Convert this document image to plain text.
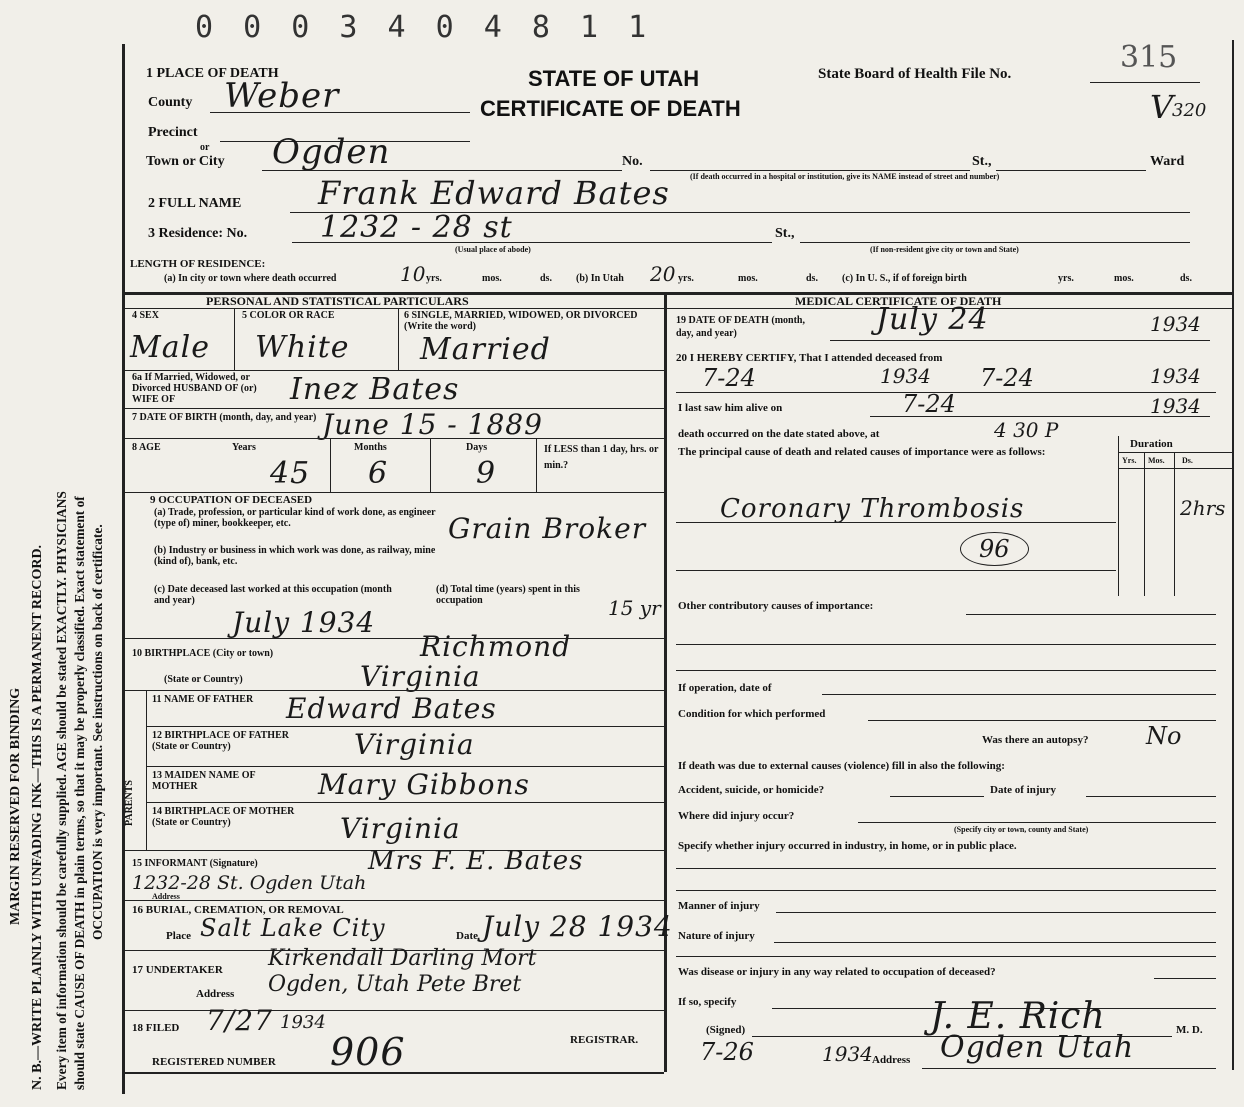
MARGIN RESERVED FOR BINDING N. B.—WRITE PLAINLY WITH UNFADING INK—THIS IS A PERMANENT RECORD. Every item of information should be carefully supplied. AGE should be stated EXACTLY. PHYSICIANS should state CAUSE OF DEATH in plain terms, so that it may be properly classified. Exact statement of OCCUPATION is very important. See instructions on back of certificate.
0 0 0 3 4 0 4 8 1 1
315
V
320
1 PLACE OF DEATH	STATE OF UTAH
CERTIFICATE OF DEATH
State Board of Health File No.
County Weber
Precinct
or
Town or City Ogden	No.	St.,	Ward
(If death occurred in a hospital or institution, give its NAME instead of street and number)
2 FULL NAME Frank Edward Bates
3 Residence: No. 1232 - 28 st	St.,
(Usual place of abode)	(If non-resident give city or town and State)
LENGTH OF RESIDENCE:
(a) In city or town where death occurred	10 yrs.	mos.	ds. (b) In Utah 20 yrs.	mos.	ds. (c) In U. S., if of foreign birth	yrs.	mos.	ds.
PERSONAL AND STATISTICAL PARTICULARS	MEDICAL CERTIFICATE OF DEATH
4 SEX
Male
5 COLOR OR RACE
White
6 SINGLE, MARRIED, WIDOWED, OR DIVORCED (Write the word)
Married
6a If Married, Widowed, or Divorced HUSBAND OF (or) WIFE OF	Inez Bates
7 DATE OF BIRTH (month, day, and year) June 15 - 1889
8 AGE	Years	Months	Days	If LESS than 1 day, hrs. or min.?
45 6	9
9 OCCUPATION OF DECEASED
(a) Trade, profession, or particular kind of work done, as engineer (type of) miner, bookkeeper, etc.	Grain Broker
(b) Industry or business in which work was done, as railway, mine (kind of), bank, etc.
(c) Date deceased last worked at this occupation (month and year)
July 1934
(d) Total time (years) spent in this occupation	15 yr
10 BIRTHPLACE (City or town)	Richmond
(State or Country)	Virginia
PARENTS
11 NAME OF FATHER	Edward Bates
12 BIRTHPLACE OF FATHER (State or Country)	Virginia
13 MAIDEN NAME OF MOTHER	Mary Gibbons
14 BIRTHPLACE OF MOTHER (State or Country)	Virginia
15 INFORMANT (Signature)	Mrs F. E. Bates
1232-28 St. Ogden Utah
Address
16 BURIAL, CREMATION, OR REMOVAL
Place Salt Lake City	Date July 28 1934
17 UNDERTAKER Kirkendall Darling Mort
Address Ogden, Utah Pete Bret
18 FILED 7/27 1934
REGISTRAR.
REGISTERED NUMBER 906
19 DATE OF DEATH (month, day, and year)	July 24	1934
20 I HEREBY CERTIFY, That I attended deceased from
7-24	1934 7-24	1934
I last saw him alive on	7-24	1934
death occurred on the date stated above, at	4 30 P
The principal cause of death and related causes of importance were as follows:
Duration
Yrs. Mos. Ds.
Coronary Thrombosis
96
2hrs
Other contributory causes of importance:
If operation, date of
Condition for which performed
Was there an autopsy? No
If death was due to external causes (violence) fill in also the following:
Accident, suicide, or homicide?	Date of injury
Where did injury occur?
(Specify city or town, county and State)
Specify whether injury occurred in industry, in home, or in public place.
Manner of injury
Nature of injury
Was disease or injury in any way related to occupation of deceased?
If so, specify
(Signed)	J. E. Rich	M. D.
7-26	1934 Address Ogden Utah
